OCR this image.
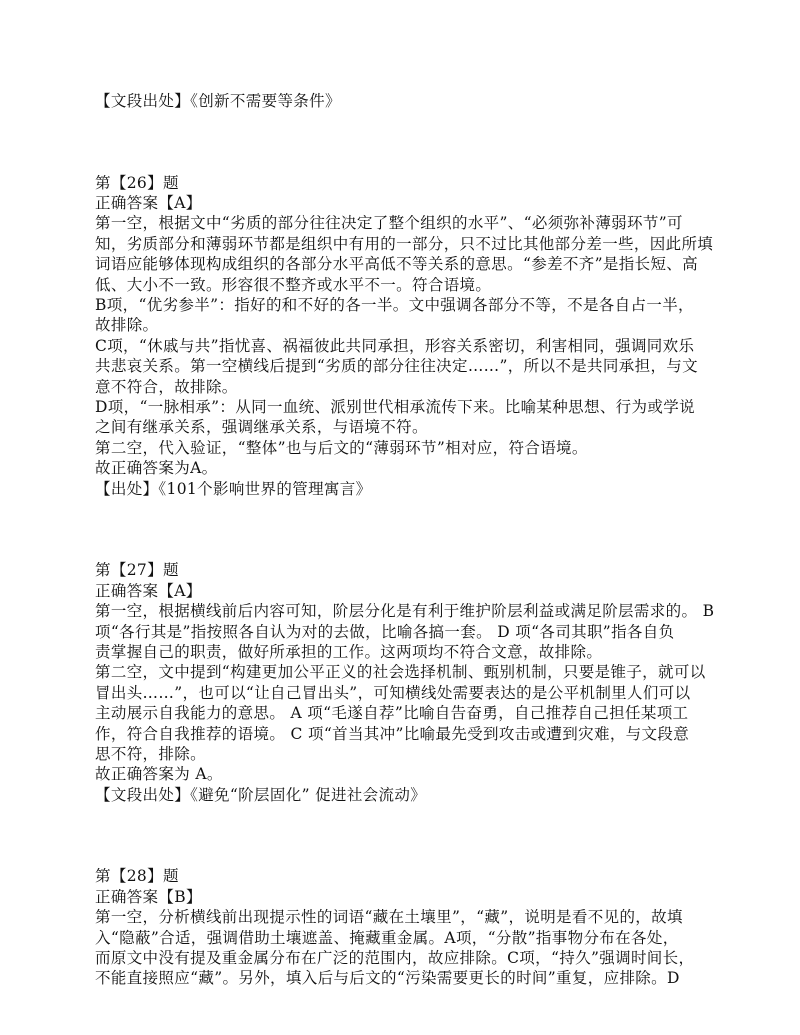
【文段出处】《创新不需要等条件》
第【26】题
正确答案【A】
第一空，根据文中“劣质的部分往往决定了整个组织的水平”、“必须弥补薄弱环节”可
知，劣质部分和薄弱环节都是组织中有用的一部分，只不过比其他部分差一些，因此所填
词语应能够体现构成组织的各部分水平高低不等关系的意思。“参差不齐”是指长短、高
低、大小不一致。形容很不整齐或水平不一。符合语境。
B项，“优劣参半”：指好的和不好的各一半。文中强调各部分不等，不是各自占一半，
故排除。
C项，“休戚与共”指忧喜、祸福彼此共同承担，形容关系密切，利害相同，强调同欢乐
共悲哀关系。第一空横线后提到“劣质的部分往往决定……”，所以不是共同承担，与文
意不符合，故排除。
D项，“一脉相承”：从同一血统、派别世代相承流传下来。比喻某种思想、行为或学说
之间有继承关系，强调继承关系，与语境不符。
第二空，代入验证，“整体”也与后文的“薄弱环节”相对应，符合语境。
故正确答案为A。
【出处】《101个影响世界的管理寓言》
第【27】题
正确答案【A】
第一空，根据横线前后内容可知，阶层分化是有利于维护阶层利益或满足阶层需求的。 B
项“各行其是”指按照各自认为对的去做，比喻各搞一套。 D 项“各司其职”指各自负
责掌握自己的职责，做好所承担的工作。这两项均不符合文意，故排除。
第二空，文中提到“构建更加公平正义的社会选择机制、甄别机制，只要是锥子，就可以
冒出头……”，也可以“让自己冒出头”，可知横线处需要表达的是公平机制里人们可以
主动展示自我能力的意思。 A 项“毛遂自荐”比喻自告奋勇，自己推荐自己担任某项工
作，符合自我推荐的语境。 C 项“首当其冲”比喻最先受到攻击或遭到灾难，与文段意
思不符，排除。
故正确答案为 A。
【文段出处】《避免“阶层固化” 促进社会流动》
第【28】题
正确答案【B】
第一空，分析横线前出现提示性的词语“藏在土壤里”，“藏”，说明是看不见的，故填
入“隐蔽”合适，强调借助土壤遮盖、掩藏重金属。A项，“分散”指事物分布在各处，
而原文中没有提及重金属分布在广泛的范围内，故应排除。C项，“持久”强调时间长，
不能直接照应“藏”。另外，填入后与后文的“污染需要更长的时间”重复，应排除。D
